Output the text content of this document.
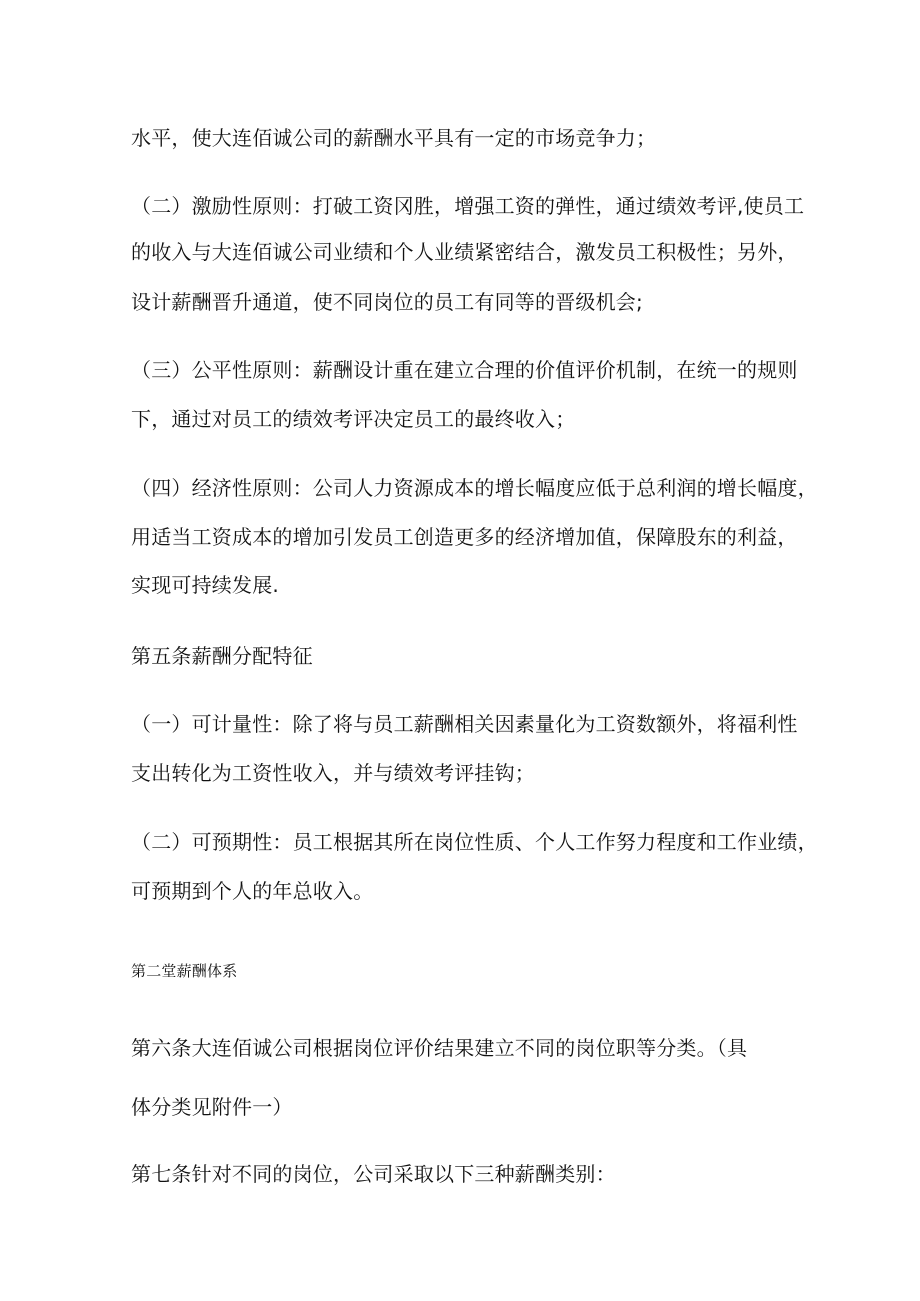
水平，使大连佰诚公司的薪酬水平具有一定的市场竞争力；
（二）激励性原则：打破工资冈胜，增强工资的弹性，通过绩效考评,使员工
的收入与大连佰诚公司业绩和个人业绩紧密结合，激发员工积极性；另外，
设计薪酬晋升通道，使不同岗位的员工有同等的晋级机会;
（三）公平性原则：薪酬设计重在建立合理的价值评价机制，在统一的规则
下，通过对员工的绩效考评决定员工的最终收入；
（四）经济性原则：公司人力资源成本的增长幅度应低于总利润的增长幅度，
用适当工资成本的增加引发员工创造更多的经济增加值，保障股东的利益，
实现可持续发展.
第五条薪酬分配特征
（一）可计量性：除了将与员工薪酬相关因素量化为工资数额外，将福利性
支出转化为工资性收入，并与绩效考评挂钩；
（二）可预期性：员工根据其所在岗位性质、个人工作努力程度和工作业绩，
可预期到个人的年总收入。
第二堂薪酬体系
第六条大连佰诚公司根据岗位评价结果建立不同的岗位职等分类。（具
体分类见附件一）
第七条针对不同的岗位，公司采取以下三种薪酬类别：
